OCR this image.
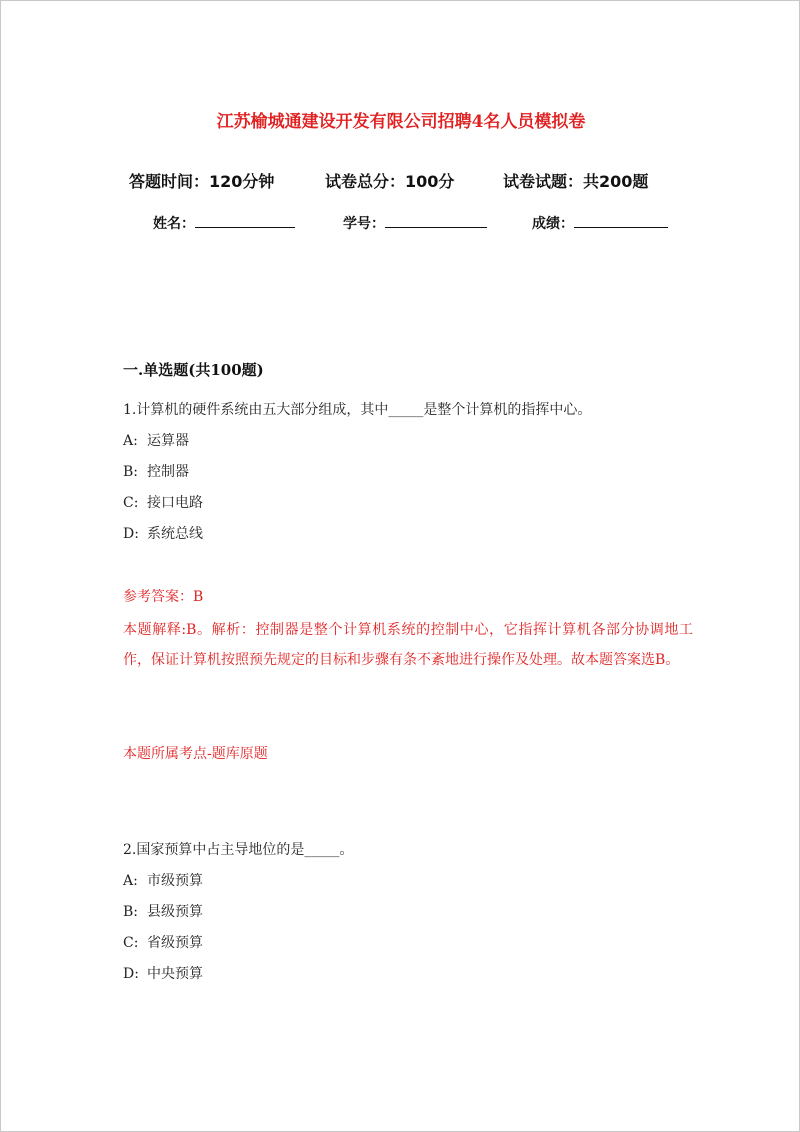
江苏榆城通建设开发有限公司招聘4名人员模拟卷
答题时间：120分钟	试卷总分：100分	试卷试题：共200题
姓名：	学号：	成绩：
一.单选题(共100题)
1.计算机的硬件系统由五大部分组成，其中_____是整个计算机的指挥中心。
A: 运算器
B: 控制器
C: 接口电路
D: 系统总线
参考答案：B
本题解释:B。解析：控制器是整个计算机系统的控制中心，它指挥计算机各部分协调地工作，保证计算机按照预先规定的目标和步骤有条不紊地进行操作及处理。故本题答案选B。
本题所属考点-题库原题
2.国家预算中占主导地位的是_____。
A: 市级预算
B: 县级预算
C: 省级预算
D: 中央预算
